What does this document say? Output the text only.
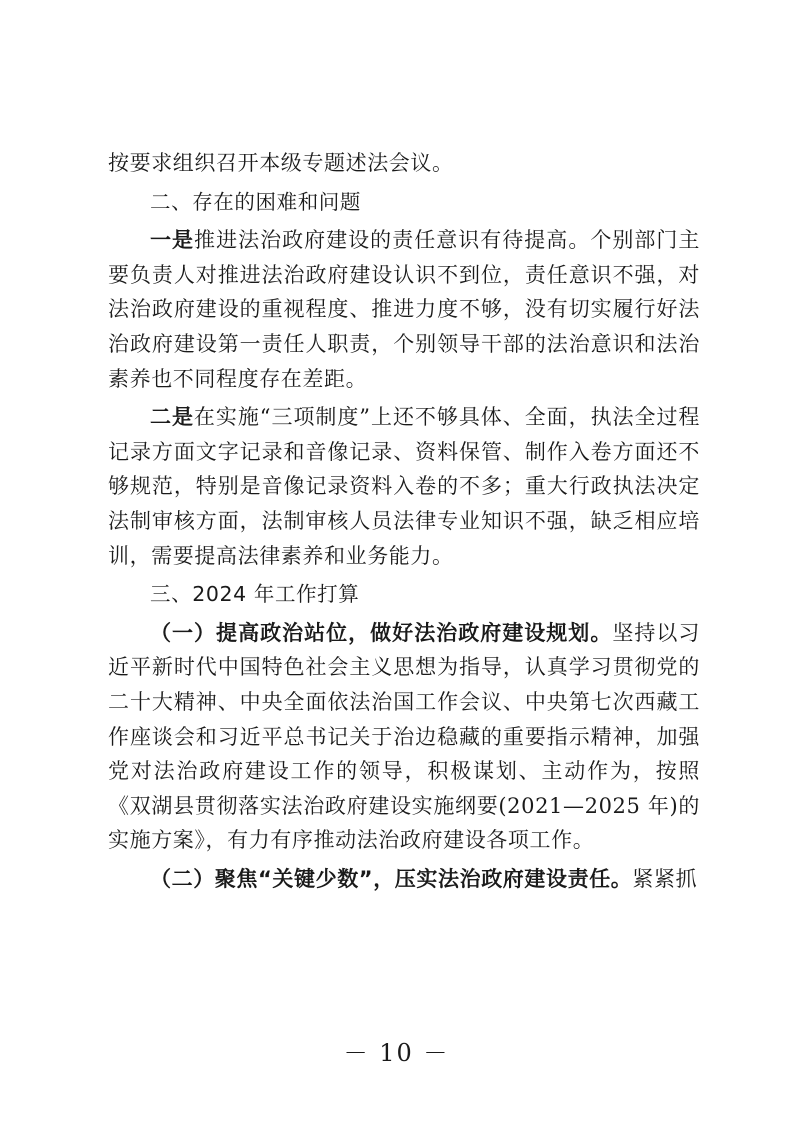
按要求组织召开本级专题述法会议。

二、存在的困难和问题

一是推进法治政府建设的责任意识有待提高。个别部门主要负责人对推进法治政府建设认识不到位，责任意识不强，对法治政府建设的重视程度、推进力度不够，没有切实履行好法治政府建设第一责任人职责，个别领导干部的法治意识和法治素养也不同程度存在差距。

二是在实施“三项制度”上还不够具体、全面，执法全过程记录方面文字记录和音像记录、资料保管、制作入卷方面还不够规范，特别是音像记录资料入卷的不多；重大行政执法决定法制审核方面，法制审核人员法律专业知识不强，缺乏相应培训，需要提高法律素养和业务能力。

三、2024 年工作打算

（一）提高政治站位，做好法治政府建设规划。坚持以习近平新时代中国特色社会主义思想为指导，认真学习贯彻党的二十大精神、中央全面依法治国工作会议、中央第七次西藏工作座谈会和习近平总书记关于治边稳藏的重要指示精神，加强党对法治政府建设工作的领导，积极谋划、主动作为，按照《双湖县贯彻落实法治政府建设实施纲要(2021—2025 年)的实施方案》，有力有序推动法治政府建设各项工作。

（二）聚焦“关键少数”，压实法治政府建设责任。紧紧抓

－ 10 －
